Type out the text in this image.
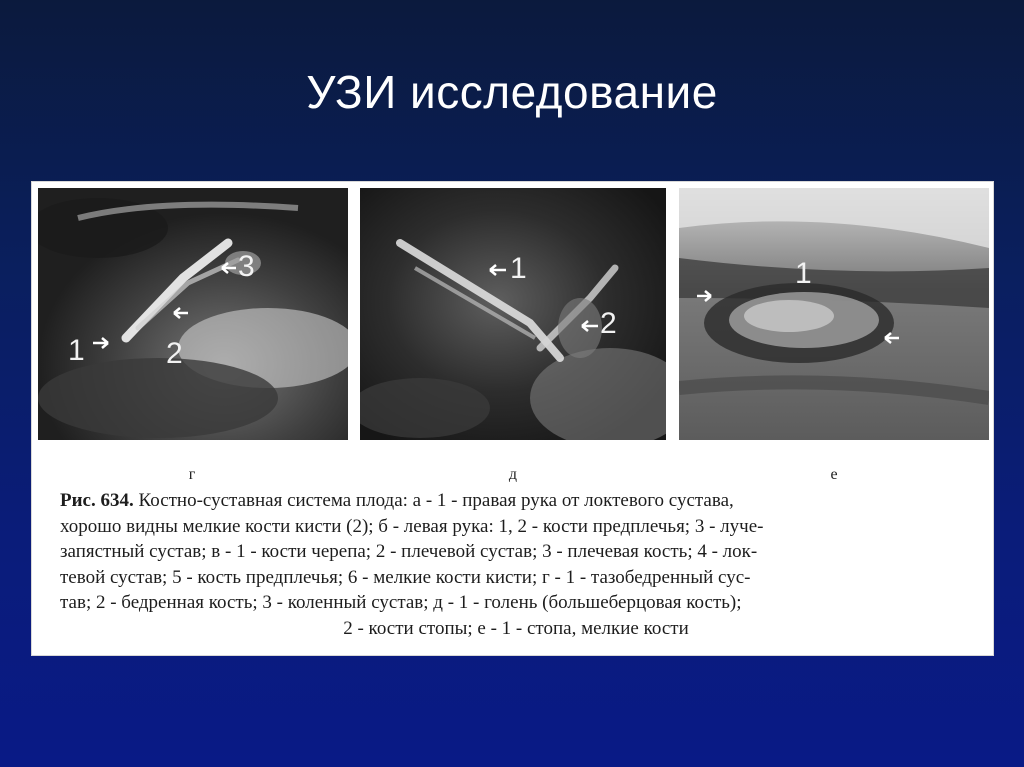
УЗИ исследование
3
2
1
1
2
1
г	д	е
Рис. 634. Костно-суставная система плода: а - 1 - правая рука от локтевого сустава,
хорошо видны мелкие кости кисти (2); б - левая рука: 1, 2 - кости предплечья; 3 - луче-
запястный сустав; в - 1 - кости черепа; 2 - плечевой сустав; 3 - плечевая кость; 4 - лок-
тевой сустав; 5 - кость предплечья; 6 - мелкие кости кисти; г - 1 - тазобедренный сус-
тав; 2 - бедренная кость; 3 - коленный сустав; д - 1 - голень (большеберцовая кость);
2 - кости стопы; е - 1 - стопа, мелкие кости
